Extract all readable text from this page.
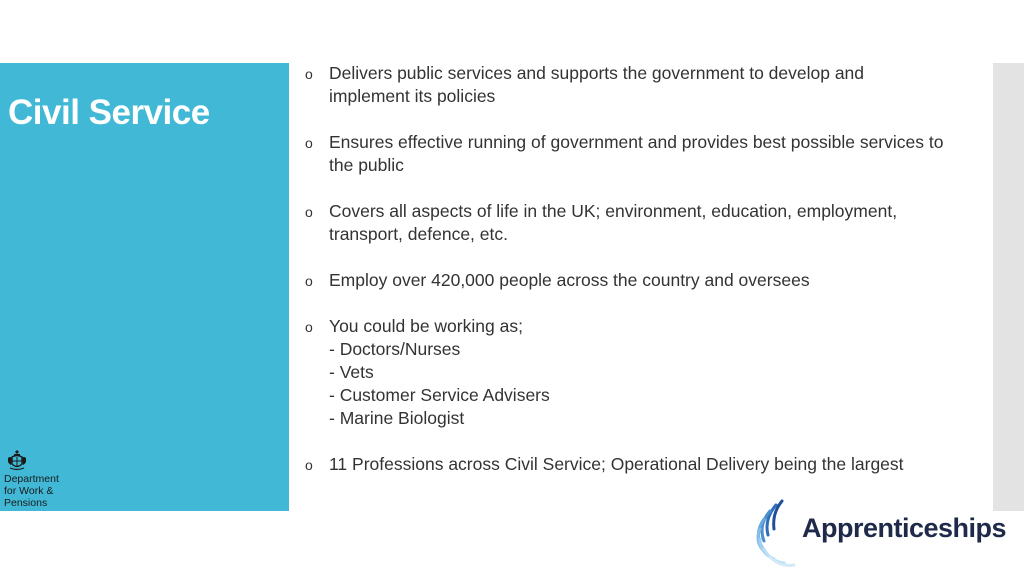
Civil Service
Department
for Work &
Pensions
o Delivers public services and supports the government to develop and implement its policies
o Ensures effective running of government and provides best possible services to the public
o Covers all aspects of life in the UK; environment, education, employment, transport, defence, etc.
o Employ over 420,000 people across the country and oversees
o You could be working as;
- Doctors/Nurses
- Vets
- Customer Service Advisers
- Marine Biologist
o 11 Professions across Civil Service; Operational Delivery being the largest
Apprenticeships
